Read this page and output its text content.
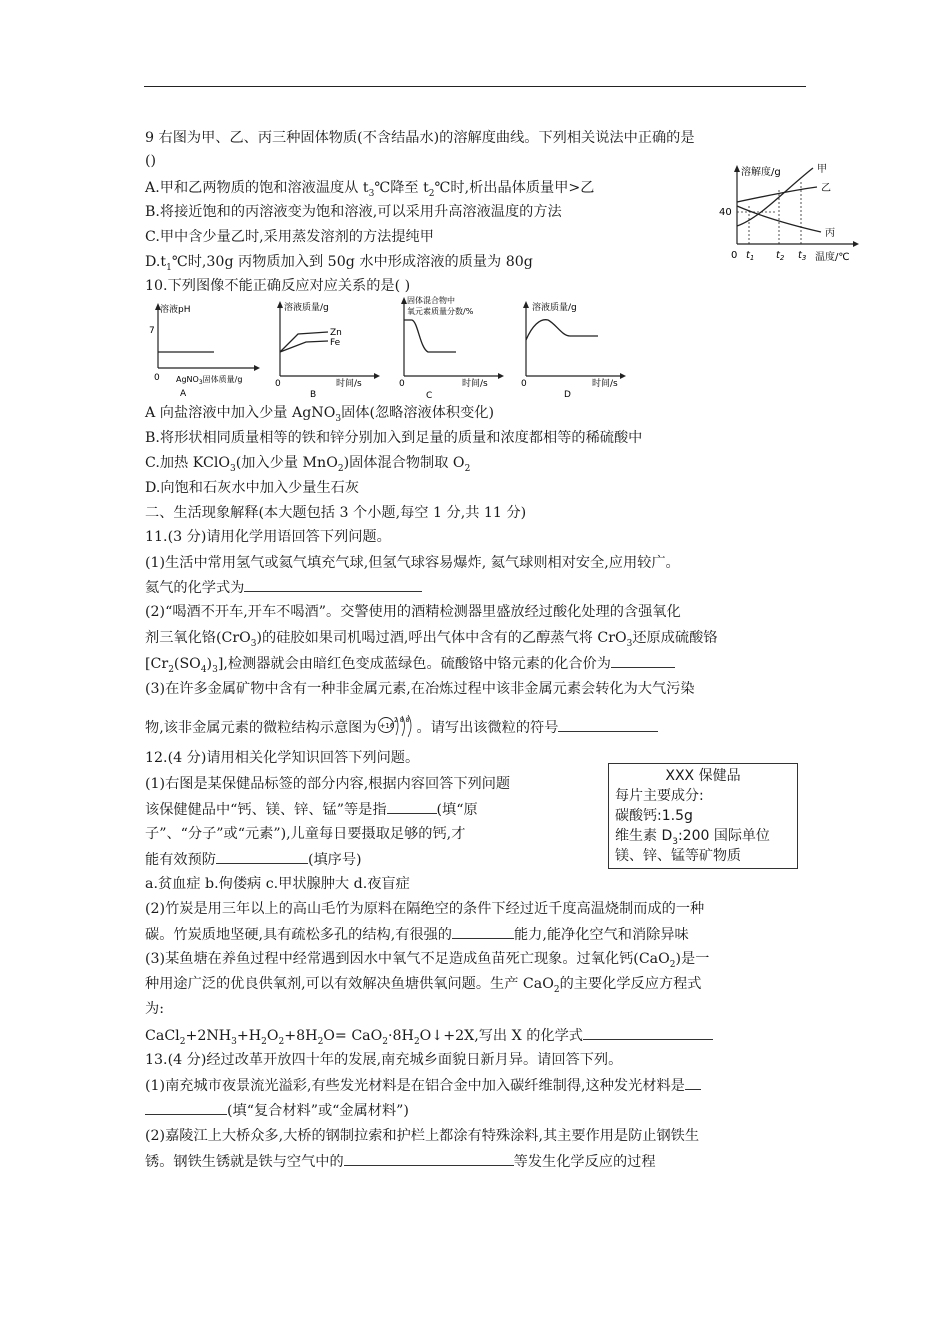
9 右图为甲、乙、丙三种固体物质(不含结晶水)的溶解度曲线。下列相关说法中正确的是
()
A.甲和乙两物质的饱和溶液温度从 $t_3℃$降至 $t_2℃$时,析出晶体质量甲>乙
B.将接近饱和的丙溶液变为饱和溶液,可以采用升高溶液温度的方法
C.甲中含少量乙时,采用蒸发溶剂的方法提纯甲
$D.t_1℃$时,30g 丙物质加入到 50g 水中形成溶液的质量为 80g
溶解度/g
温度/℃
40
0
甲
乙
丙
$t_1$ $t_2$ $t_3$
10.下列图像不能正确反应对应关系的是( )
溶液pH
7
0 AgNO$_3$固体质量/g
A
溶液质量/g
0
Zn
Fe
时间/s
B
固体混合物中
氧元素质量分数/%
0	时间/s
C
溶液质量/g
0	时间/s
D
A 向盐溶液中加入少量 AgNO$_3$固体(忽略溶液体积变化)
B.将形状相同质量相等的铁和锌分别加入到足量的质量和浓度都相等的稀硫酸中
C.加热 KClO$_3$(加入少量 MnO$_2$)固体混合物制取 $O_2$
D.向饱和石灰水中加入少量生石灰
二、生活现象解释(本大题包括 3 个小题,每空 1 分,共 11 分)
11.(3 分)请用化学用语回答下列问题。
(1)生活中常用氢气或氦气填充气球,但氢气球容易爆炸, 氦气球则相对安全,应用较广。
氦气的化学式为
(2)“喝酒不开车,开车不喝酒”。交警使用的酒精检测器里盛放经过酸化处理的含强氧化
剂三氧化铬(CrO$_3$)的硅胶如果司机喝过酒,呼出气体中含有的乙醇蒸气将 CrO$_3$还原成硫酸铬
$[Cr_2(SO_4)_3]$,检测器就会由暗红色变成蓝绿色。硫酸铬中铬元素的化合价为
(3)在许多金属矿物中含有一种非金属元素,在冶炼过程中该非金属元素会转化为大气污染
物,该非金属元素的微粒结构示意图为 +16
2 8 8 。请写出该微粒的符号
12.(4 分)请用相关化学知识回答下列问题。
(1)右图是某保健品标签的部分内容,根据内容回答下列问题
该保健健品中“钙、镁、锌、锰”等是指	(填“原
子”、“分子”或“元素”),儿童每日要摄取足够的钙,才
能有效预防	(填序号)
a.贫血症 b.佝偻病 c.甲状腺肿大 d.夜盲症
(2)竹炭是用三年以上的高山毛竹为原料在隔绝空的条件下经过近千度高温烧制而成的一种
碳。竹炭质地坚硬,具有疏松多孔的结构,有很强的	能力,能净化空气和消除异味
(3)某鱼塘在养鱼过程中经常遇到因水中氧气不足造成鱼苗死亡现象。过氧化钙(CaO$_2$)是一
种用途广泛的优良供氧剂,可以有效解决鱼塘供氧问题。生产 CaO$_2$的主要化学反应方程式
为:
$CaCl_2+2NH_3+H_2O_2+8H_2O=$ $CaO_2\cdot 8H_2O↓+2X$,写出 X 的化学式
XXX 保健品
每片主要成分:
碳酸钙:1.5g
维生素 $D_3:200$ 国际单位
镁、锌、锰等矿物质
13.(4 分)经过改革开放四十年的发展,南充城乡面貌日新月异。请回答下列。
(1)南充城市夜景流光溢彩,有些发光材料是在铝合金中加入碳纤维制得,这种发光材料是
(填“复合材料”或“金属材料”)
(2)嘉陵江上大桥众多,大桥的钢制拉索和护栏上都涂有特殊涂料,其主要作用是防止钢铁生
锈。钢铁生锈就是铁与空气中的	等发生化学反应的过程
